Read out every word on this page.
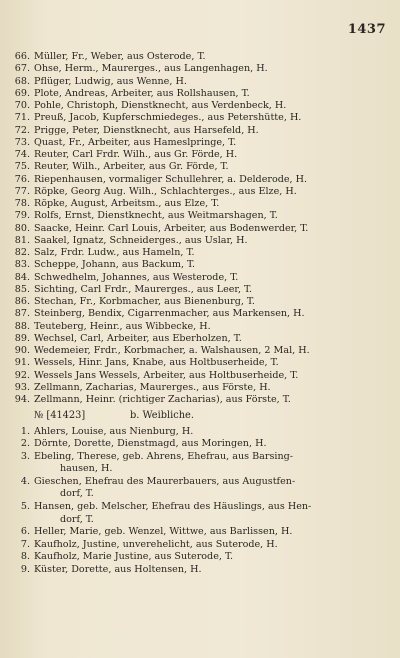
1437
66. Müller, Fr., Weber, aus Osterode, T.
67. Ohse, Herm., Maurerges., aus Langenhagen, H.
68. Pflüger, Ludwig, aus Wenne, H.
69. Plote, Andreas, Arbeiter, aus Rollshausen, T.
70. Pohle, Christoph, Dienstknecht, aus Verdenbeck, H.
71. Preuß, Jacob, Kupferschmiedeges., aus Petershütte, H.
72. Prigge, Peter, Dienstknecht, aus Harsefeld, H.
73. Quast, Fr., Arbeiter, aus Hameslpringe, T.
74. Reuter, Carl Frdr. Wilh., aus Gr. Förde, H.
75. Reuter, Wilh., Arbeiter, aus Gr. Förde, T.
76. Riepenhausen, vormaliger Schullehrer, a. Delderode, H.
77. Röpke, Georg Aug. Wilh., Schlachterges., aus Elze, H.
78. Röpke, August, Arbeitsm., aus Elze, T.
79. Rolfs, Ernst, Dienstknecht, aus Weitmarshagen, T.
80. Saacke, Heinr. Carl Louis, Arbeiter, aus Bodenwerder, T.
81. Saakel, Ignatz, Schneiderges., aus Uslar, H.
82. Salz, Frdr. Ludw., aus Hameln, T.
83. Scheppe, Johann, aus Backum, T.
84. Schwedhelm, Johannes, aus Westerode, T.
85. Sichting, Carl Frdr., Maurerges., aus Leer, T.
86. Stechan, Fr., Korbmacher, aus Bienenburg, T.
87. Steinberg, Bendix, Cigarrenmacher, aus Markensen, H.
88. Teuteberg, Heinr., aus Wibbecke, H.
89. Wechsel, Carl, Arbeiter, aus Eberholzen, T.
90. Wedemeier, Frdr., Korbmacher, a. Walshausen, 2 Mal, H.
91. Wessels, Hinr. Jans, Knabe, aus Holtbuserheide, T.
92. Wessels Jans Wessels, Arbeiter, aus Holtbuserheide, T.
93. Zellmann, Zacharias, Maurerges., aus Förste, H.
94. Zellmann, Heinr. (richtiger Zacharias), aus Förste, T.
№ [41423]	b. Weibliche.
1. Ahlers, Louise, aus Nienburg, H.
2. Dörnte, Dorette, Dienstmagd, aus Moringen, H.
3. Ebeling, Therese, geb. Ahrens, Ehefrau, aus Barsing-
hausen, H.
4. Gieschen, Ehefrau des Maurerbauers, aus Augustfen-
dorf, T.
5. Hansen, geb. Melscher, Ehefrau des Häuslings, aus Hen-
dorf, T.
6. Heller, Marie, geb. Wenzel, Wittwe, aus Barlissen, H.
7. Kaufholz, Justine, unverehelicht, aus Suterode, H.
8. Kaufholz, Marie Justine, aus Suterode, T.
9. Küster, Dorette, aus Holtensen, H.
